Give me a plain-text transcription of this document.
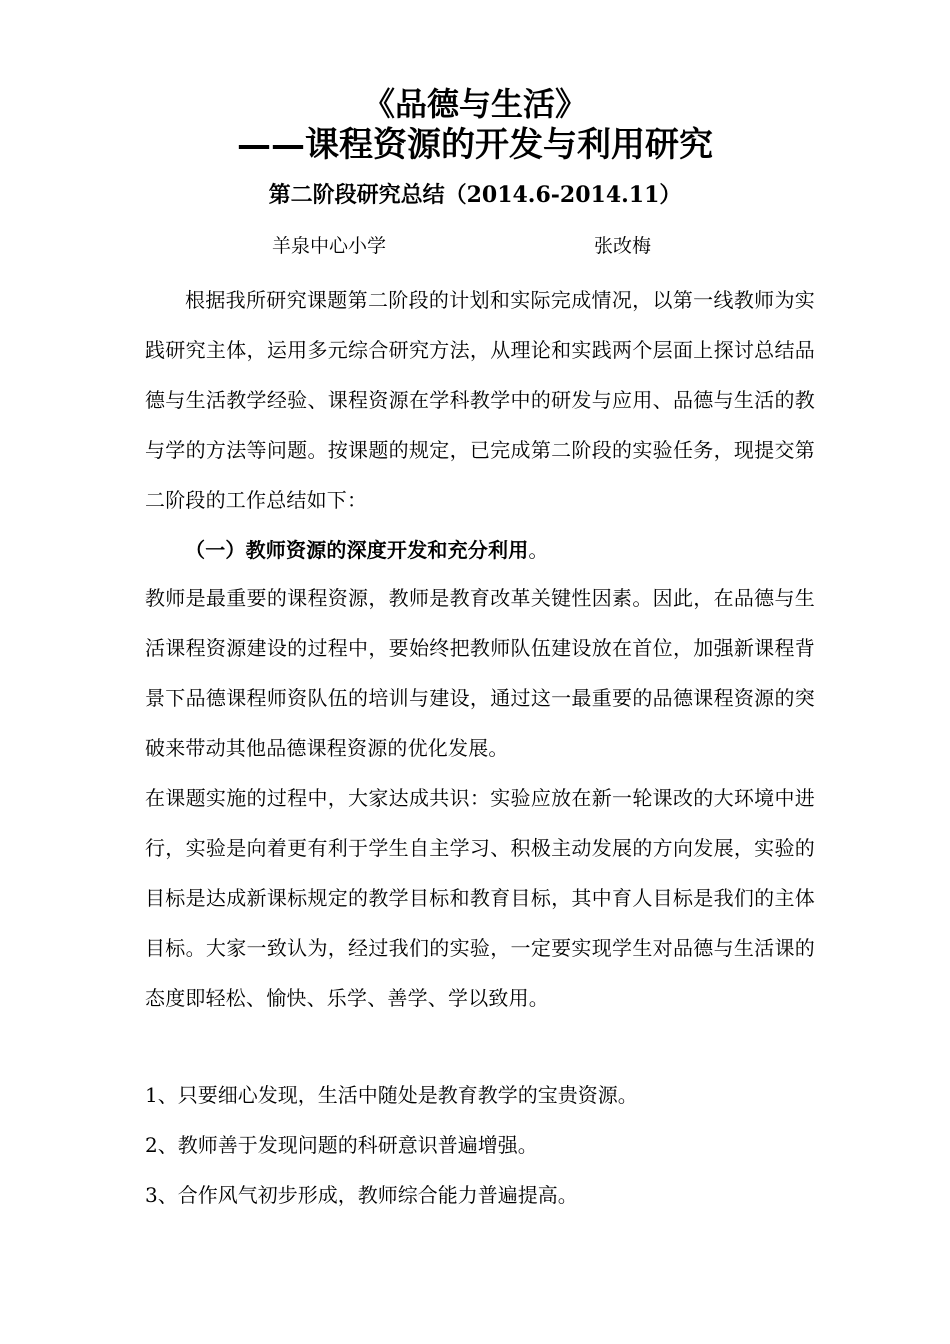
《品德与生活》
——课程资源的开发与利用研究
第二阶段研究总结（2014.6-2014.11）
羊泉中心小学	张改梅
根据我所研究课题第二阶段的计划和实际完成情况，以第一线教师为实践研究主体，运用多元综合研究方法，从理论和实践两个层面上探讨总结品德与生活教学经验、课程资源在学科教学中的研发与应用、品德与生活的教与学的方法等问题。按课题的规定，已完成第二阶段的实验任务，现提交第二阶段的工作总结如下：
（一）教师资源的深度开发和充分利用。
教师是最重要的课程资源，教师是教育改革关键性因素。因此，在品德与生活课程资源建设的过程中，要始终把教师队伍建设放在首位，加强新课程背景下品德课程师资队伍的培训与建设，通过这一最重要的品德课程资源的突破来带动其他品德课程资源的优化发展。
在课题实施的过程中，大家达成共识：实验应放在新一轮课改的大环境中进行，实验是向着更有利于学生自主学习、积极主动发展的方向发展，实验的目标是达成新课标规定的教学目标和教育目标，其中育人目标是我们的主体目标。大家一致认为，经过我们的实验，一定要实现学生对品德与生活课的态度即轻松、愉快、乐学、善学、学以致用。
1、只要细心发现，生活中随处是教育教学的宝贵资源。
2、教师善于发现问题的科研意识普遍增强。
3、合作风气初步形成，教师综合能力普遍提高。
